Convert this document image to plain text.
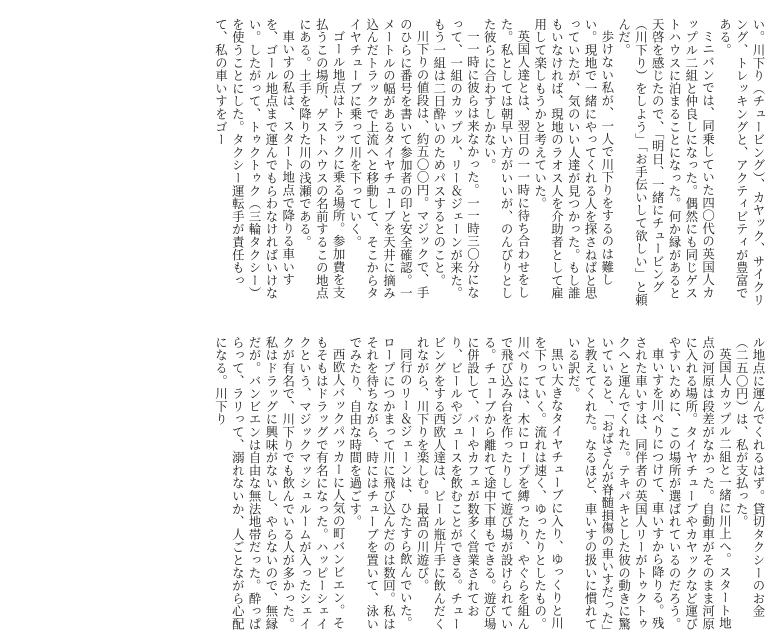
い。川下り（チュービング）、カヤック、サイクリング、トレッキングと、アクティビティが豊富である。

ミニバンでは、同乗していた四〇代の英国人カップル二組と仲良しになった。偶然にも同じゲストハウスに泊まることになった。何か縁があると天啓を感じたので、「明日、一緒にチュービング（川下り）をしよう」「お手伝いして欲しい」と頼んだ。

歩けない私が、一人で川下りをするのは難しい。現地で一緒にやってくれる人を探さねばと思っていたが、気のいい人達が見つかった。もし誰もいなければ、現地のラオス人を介助者として雇用して楽しもうかと考えていた。

英国人達とは、翌日の一一時に待ち合わせをした。私としては朝早い方がいいが、のんびりとした彼らに合わすしかない。

一一時に彼らは来なかった。一一時三〇分になって、一組のカップル、リー＆ジェーンが来た。もう一組は二日酔いのためパスするとのこと。

川下りの値段は、約五〇〇円。マジックで、手のひらに番号を書いて参加者の印と安全確認。一メートルの幅があるタイヤチューブを天井に摘み込んだトラックで上流へと移動して、そこからタイヤチューブに乗って川を下っていく。

ゴール地点はトラックに乗る場所。参加費を支払うこの場所、ゲストハウスの名前するこの地点にある。土手を降りた川の浅瀬である。

車いすの私は、スタート地点で降りる車いすを、ゴール地点まで運んでもらわなければいけない。したがって、トゥクトゥク（三輪タクシー）を使うことにした。タクシー運転手が責任もって、私の車いすをゴー

ル地点に運んでくれるはず。貸切タクシーのお金（二五〇円）は、私が支払った。

英国人カップル二組と一緒に川上へ。スタート地点の河原は段差がなかった。自動車がそのまま河原に入れる場所。タイヤチューブやカヤックなど運びやすいために、この場所が選ばれているのだろう。

車いすを川べりにつけて、車いすから降りる。残された車いすは、同伴者の英国人リーがトゥクトゥクへと運んでくれた。テキパキとした彼の動きに驚いていると、「おばさんが脊髄損傷の車いすだった」と教えてくれた。なるほど、車いすの扱いに慣れている訳だ。

黒い大きなタイヤチューブに入り、ゆっくりと川を下っていく。流れは速く、ゆったりとしたもの。川べりには、木にロープを縛ったり、やぐらを組んで飛び込み台を作ったりして遊び場が設けられている。チューブから離れて途中下車もできる。遊び場に併設して、バーやカフェが数多く営業されており、ビールやジュースを飲むことができる。チュービングをする西欧人達は、ビール瓶片手に飲んだくれながら、川下りを楽しむ。最高の川遊び。

同行のリー＆ジェーンは、ひたすら飲んでいた。ロープにつかまって川に飛び込んだのは数回。私はそれを待ちながら、時にはチューブを置いて、泳いでみたり、自由な時間を過ごす。

西欧人バックパッカーに人気の町バンビエン。そもそもはドラッグで有名になった。ハッピーシェイクという、マジックマッシュルームが入ったシェイクが有名で、川下りでも飲んでいる人が多かった。私はドラッグに興味がないし、やらないので、無縁だが。バンビエンは自由な無法地帯だった。酔っぱらって、ラリって、溺れないか、人ごとながら心配になる。川下り
